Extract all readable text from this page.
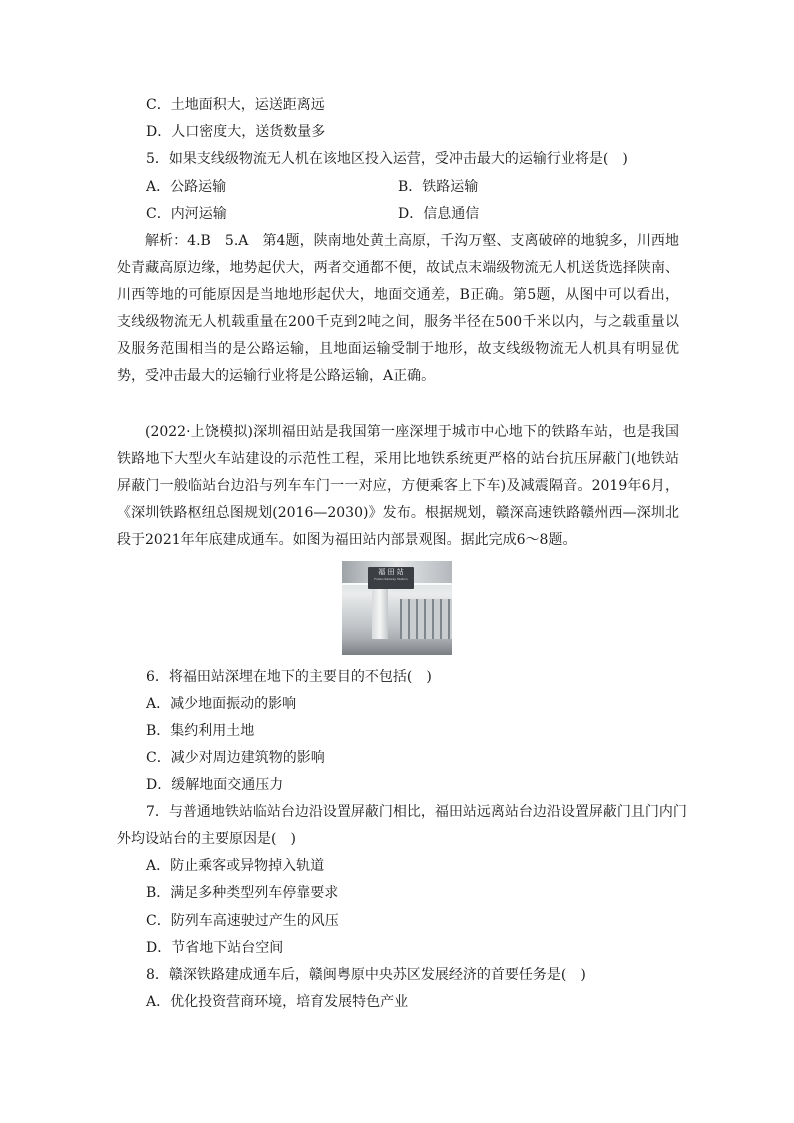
C．土地面积大，运送距离远
D．人口密度大，送货数量多
5．如果支线级物流无人机在该地区投入运营，受冲击最大的运输行业将是(　)
A．公路运输	B．铁路运输
C．内河运输	D．信息通信
解析：4.B　5.A　第4题，陕南地处黄土高原，千沟万壑、支离破碎的地貌多，川西地处青藏高原边缘，地势起伏大，两者交通都不便，故试点末端级物流无人机送货选择陕南、川西等地的可能原因是当地地形起伏大，地面交通差，B正确。第5题，从图中可以看出，支线级物流无人机载重量在200千克到2吨之间，服务半径在500千米以内，与之载重量以及服务范围相当的是公路运输，且地面运输受制于地形，故支线级物流无人机具有明显优势，受冲击最大的运输行业将是公路运输，A正确。
(2022·上饶模拟)深圳福田站是我国第一座深埋于城市中心地下的铁路车站，也是我国铁路地下大型火车站建设的示范性工程，采用比地铁系统更严格的站台抗压屏蔽门(地铁站屏蔽门一般临站台边沿与列车车门一一对应，方便乘客上下车)及减震隔音。2019年6月，《深圳铁路枢纽总图规划(2016—2030)》发布。根据规划，赣深高速铁路赣州西—深圳北段于2021年年底建成通车。如图为福田站内部景观图。据此完成6～8题。
福 田 站
Futian Railway Station
6．将福田站深埋在地下的主要目的不包括(　)
A．减少地面振动的影响
B．集约利用土地
C．减少对周边建筑物的影响
D．缓解地面交通压力
7．与普通地铁站临站台边沿设置屏蔽门相比，福田站远离站台边沿设置屏蔽门且门内门
外均设站台的主要原因是(　)
A．防止乘客或异物掉入轨道
B．满足多种类型列车停靠要求
C．防列车高速驶过产生的风压
D．节省地下站台空间
8．赣深铁路建成通车后，赣闽粤原中央苏区发展经济的首要任务是(　)
A．优化投资营商环境，培育发展特色产业
